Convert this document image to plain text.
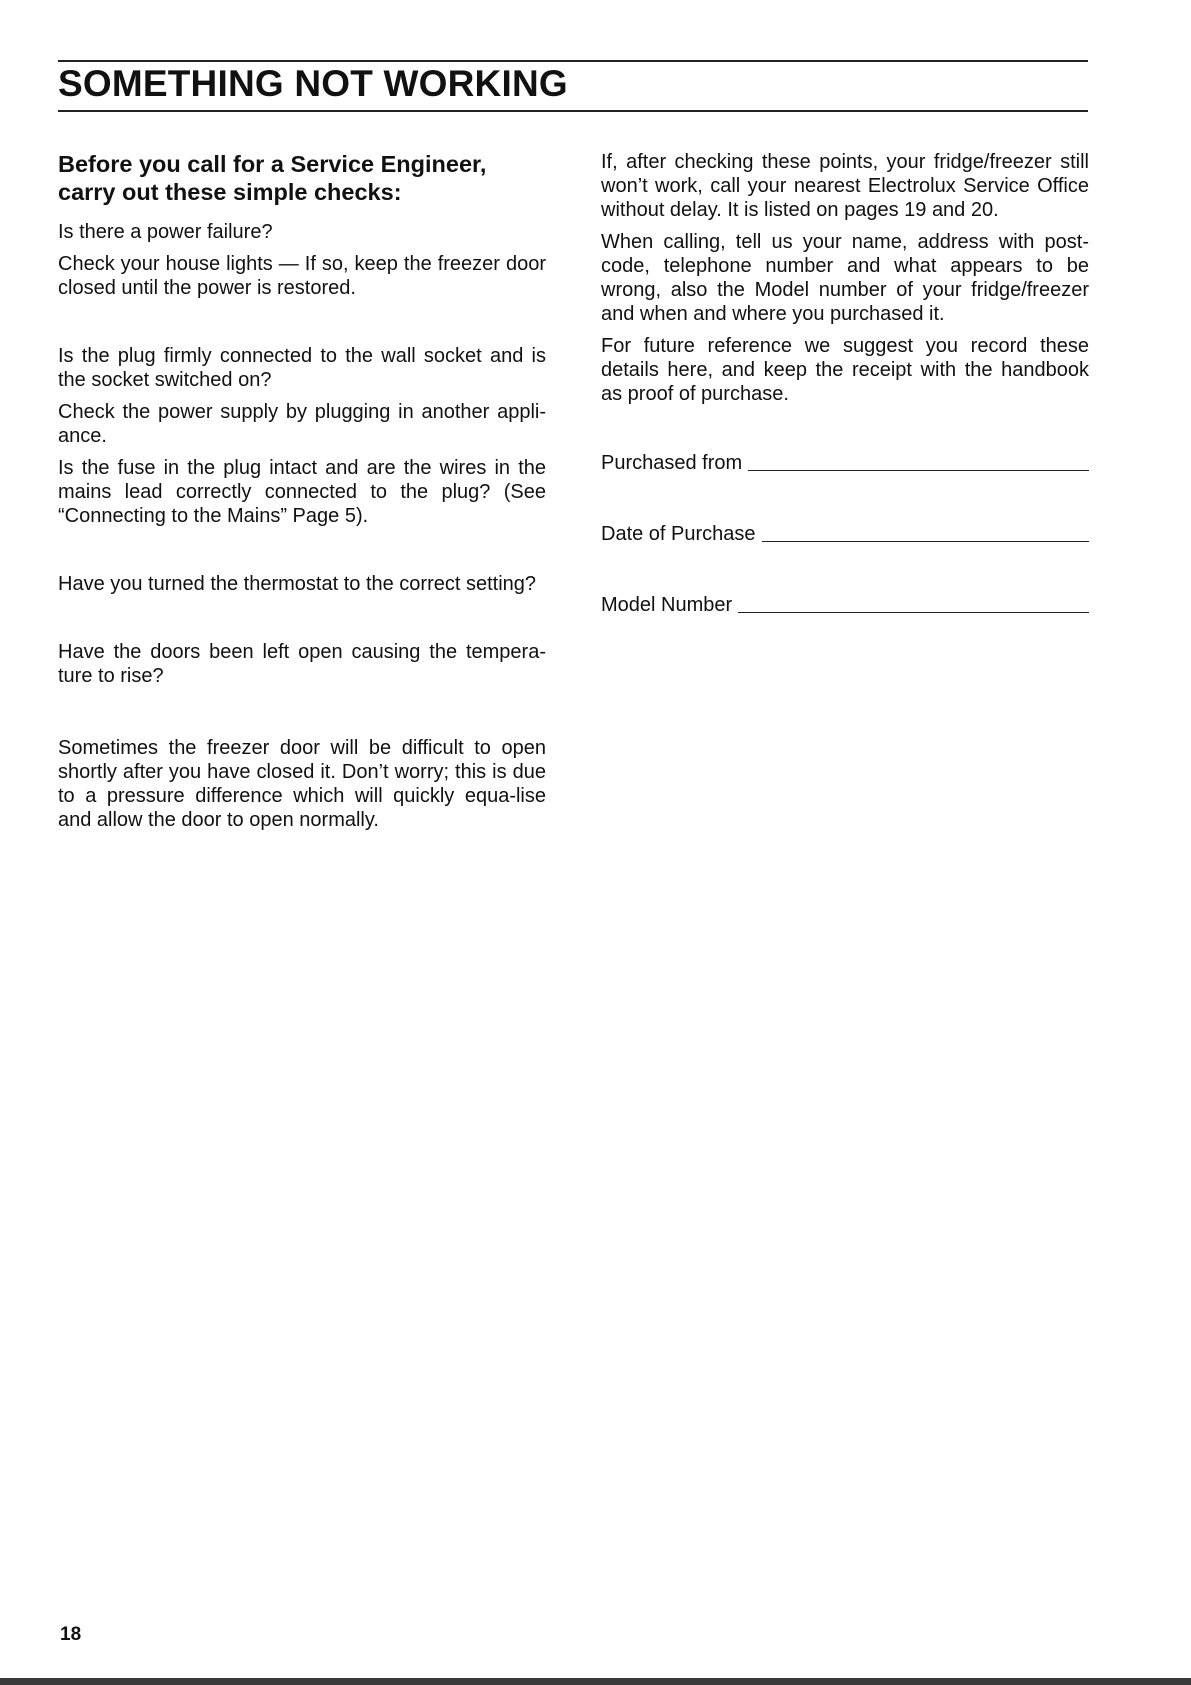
SOMETHING NOT WORKING
Before you call for a Service Engineer, carry out these simple checks:

Is there a power failure?

Check your house lights — If so, keep the freezer door closed until the power is restored.

Is the plug firmly connected to the wall socket and is the socket switched on?

Check the power supply by plugging in another appli-ance.

Is the fuse in the plug intact and are the wires in the mains lead correctly connected to the plug? (See “Connecting to the Mains” Page 5).

Have you turned the thermostat to the correct setting?

Have the doors been left open causing the tempera-ture to rise?

Sometimes the freezer door will be difficult to open shortly after you have closed it. Don’t worry; this is due to a pressure difference which will quickly equa-lise and allow the door to open normally.

If, after checking these points, your fridge/freezer still won’t work, call your nearest Electrolux Service Office without delay. It is listed on pages 19 and 20.

When calling, tell us your name, address with post-code, telephone number and what appears to be wrong, also the Model number of your fridge/freezer and when and where you purchased it.

For future reference we suggest you record these details here, and keep the receipt with the handbook as proof of purchase.

Purchased from
Date of Purchase
Model Number
18
